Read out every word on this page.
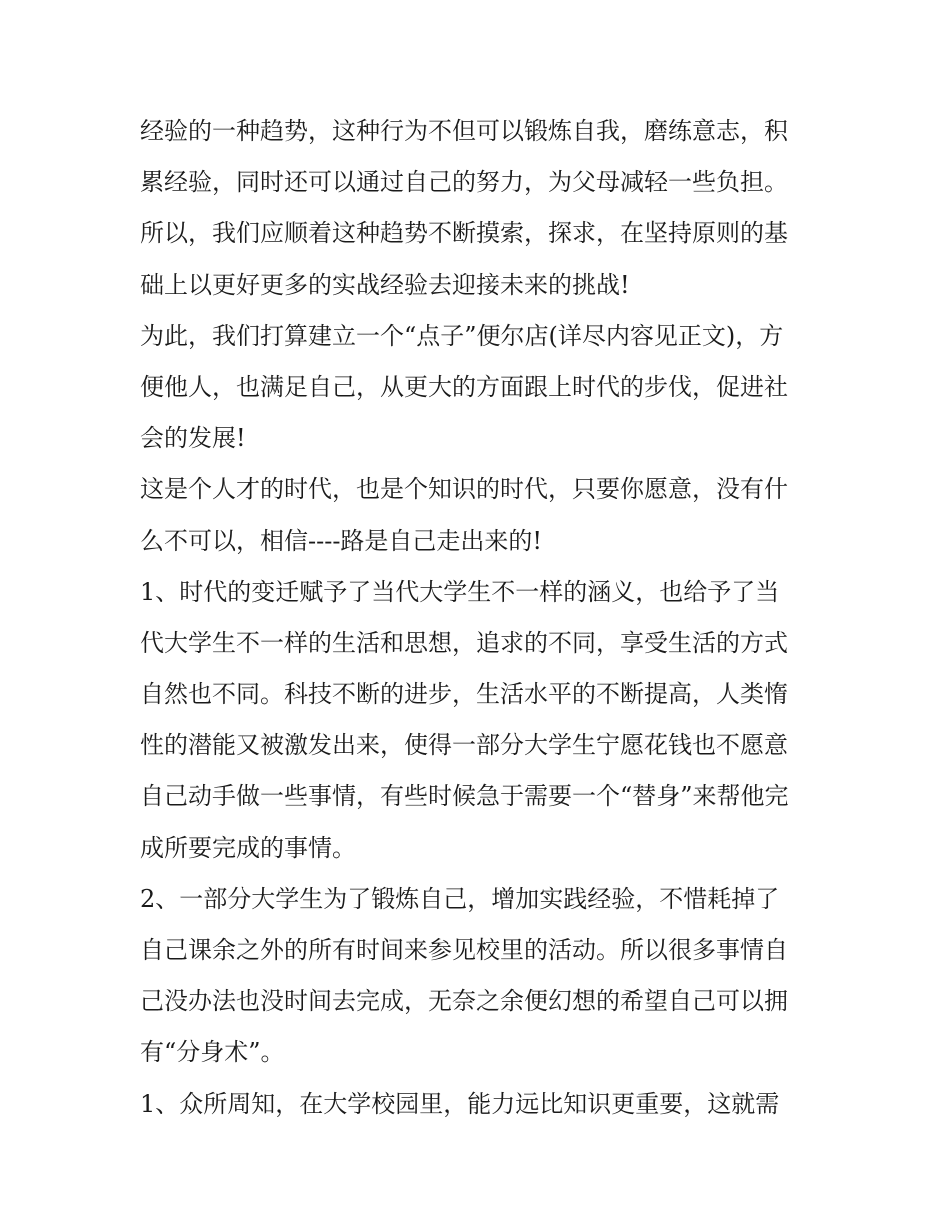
经验的一种趋势，这种行为不但可以锻炼自我，磨练意志，积
累经验，同时还可以通过自己的努力，为父母减轻一些负担。
所以，我们应顺着这种趋势不断摸索，探求，在坚持原则的基
础上以更好更多的实战经验去迎接未来的挑战!
为此，我们打算建立一个“点子”便尔店(详尽内容见正文)，方
便他人，也满足自己，从更大的方面跟上时代的步伐，促进社
会的发展!
这是个人才的时代，也是个知识的时代，只要你愿意，没有什
么不可以，相信----路是自己走出来的!
1、时代的变迁赋予了当代大学生不一样的涵义，也给予了当
代大学生不一样的生活和思想，追求的不同，享受生活的方式
自然也不同。科技不断的进步，生活水平的不断提高，人类惰
性的潜能又被激发出来，使得一部分大学生宁愿花钱也不愿意
自己动手做一些事情，有些时候急于需要一个“替身”来帮他完
成所要完成的事情。
2、一部分大学生为了锻炼自己，增加实践经验，不惜耗掉了
自己课余之外的所有时间来参见校里的活动。所以很多事情自
己没办法也没时间去完成，无奈之余便幻想的希望自己可以拥
有“分身术”。
1、众所周知，在大学校园里，能力远比知识更重要，这就需
